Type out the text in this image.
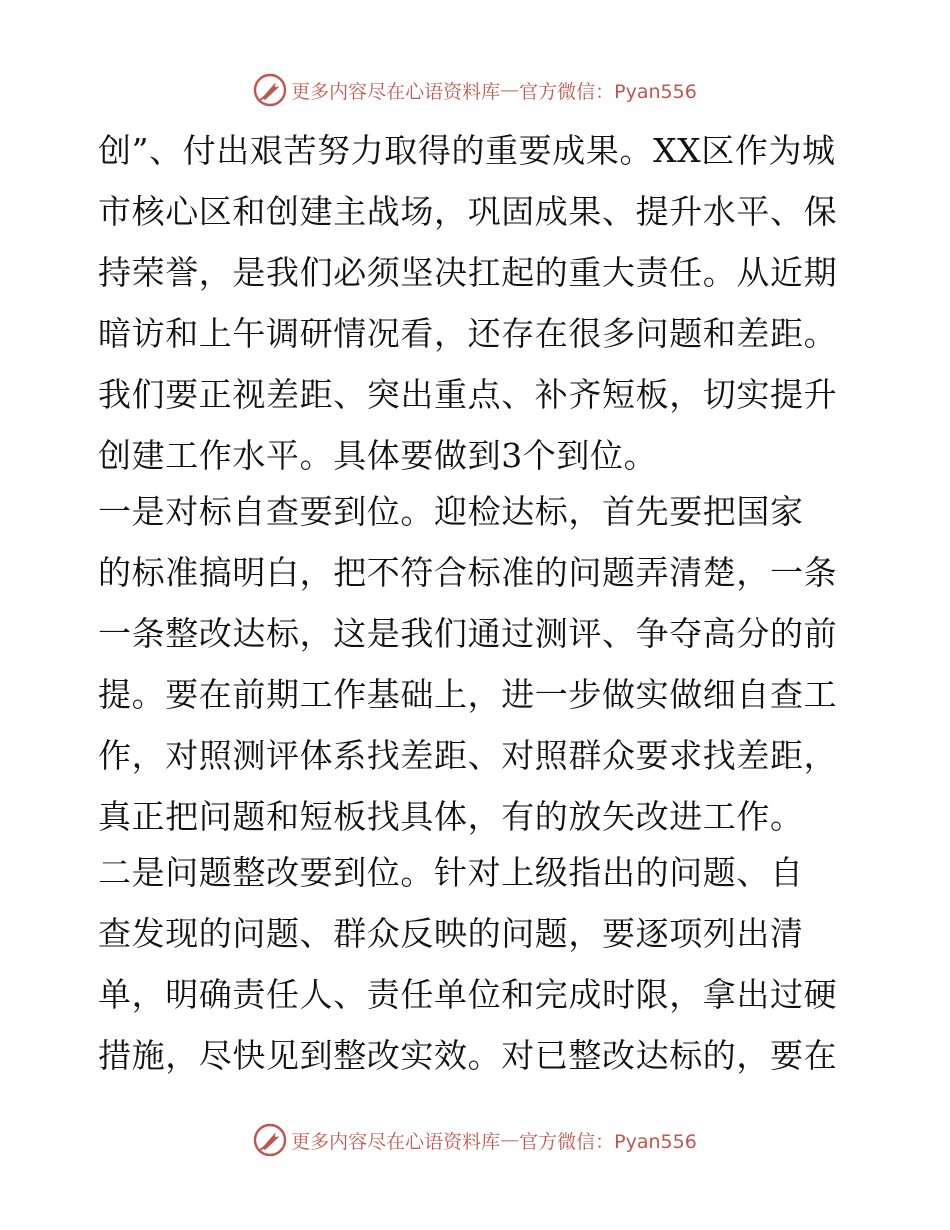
更多内容尽在心语资料库 — 官方微信：Pyan556
创”、付出艰苦努力取得的重要成果。XX区作为城
市核心区和创建主战场，巩固成果、提升水平、保
持荣誉，是我们必须坚决扛起的重大责任。从近期
暗访和上午调研情况看，还存在很多问题和差距。
我们要正视差距、突出重点、补齐短板，切实提升
创建工作水平。具体要做到3个到位。
一是对标自查要到位。迎检达标，首先要把国家
的标准搞明白，把不符合标准的问题弄清楚，一条
一条整改达标，这是我们通过测评、争夺高分的前
提。要在前期工作基础上，进一步做实做细自查工
作，对照测评体系找差距、对照群众要求找差距，
真正把问题和短板找具体，有的放矢改进工作。
二是问题整改要到位。针对上级指出的问题、自
查发现的问题、群众反映的问题，要逐项列出清
单，明确责任人、责任单位和完成时限，拿出过硬
措施，尽快见到整改实效。对已整改达标的，要在
更多内容尽在心语资料库 — 官方微信：Pyan556
